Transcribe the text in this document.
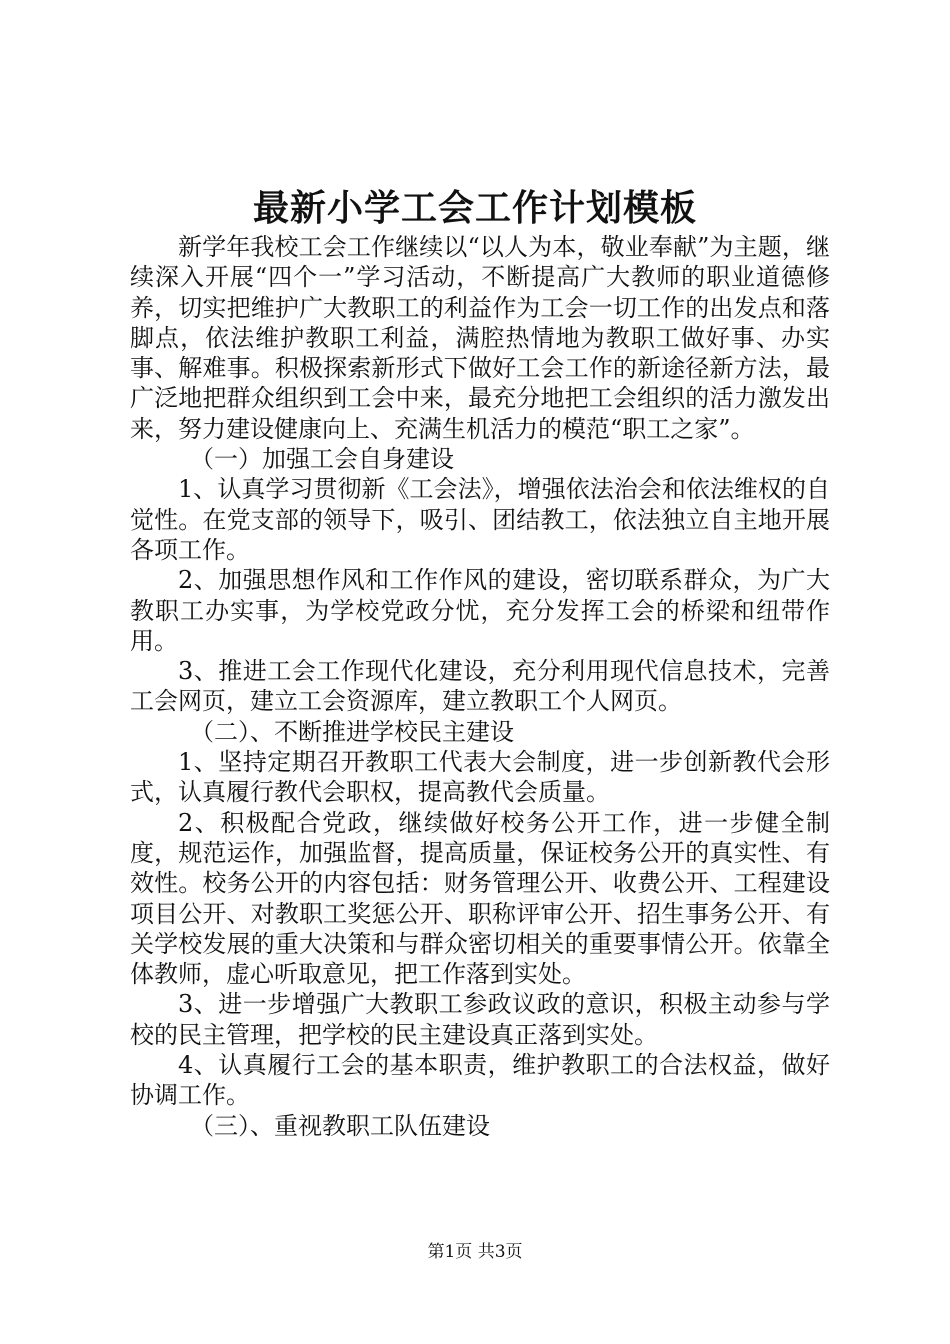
最新小学工会工作计划模板

新学年我校工会工作继续以“以人为本，敬业奉献”为主题，继续深入开展“四个一”学习活动，不断提高广大教师的职业道德修养，切实把维护广大教职工的利益作为工会一切工作的出发点和落脚点，依法维护教职工利益，满腔热情地为教职工做好事、办实事、解难事。积极探索新形式下做好工会工作的新途径新方法，最广泛地把群众组织到工会中来，最充分地把工会组织的活力激发出来，努力建设健康向上、充满生机活力的模范“职工之家”。

（一）加强工会自身建设

1、认真学习贯彻新《工会法》，增强依法治会和依法维权的自觉性。在党支部的领导下，吸引、团结教工，依法独立自主地开展各项工作。

2、加强思想作风和工作作风的建设，密切联系群众，为广大教职工办实事，为学校党政分忧，充分发挥工会的桥梁和纽带作用。

3、推进工会工作现代化建设，充分利用现代信息技术，完善工会网页，建立工会资源库，建立教职工个人网页。

（二）、不断推进学校民主建设

1、坚持定期召开教职工代表大会制度，进一步创新教代会形式，认真履行教代会职权，提高教代会质量。

2、积极配合党政，继续做好校务公开工作，进一步健全制度，规范运作，加强监督，提高质量，保证校务公开的真实性、有效性。校务公开的内容包括：财务管理公开、收费公开、工程建设项目公开、对教职工奖惩公开、职称评审公开、招生事务公开、有关学校发展的重大决策和与群众密切相关的重要事情公开。依靠全体教师，虚心听取意见，把工作落到实处。

3、进一步增强广大教职工参政议政的意识，积极主动参与学校的民主管理，把学校的民主建设真正落到实处。

4、认真履行工会的基本职责，维护教职工的合法权益，做好协调工作。

（三）、重视教职工队伍建设

第1页 共3页
